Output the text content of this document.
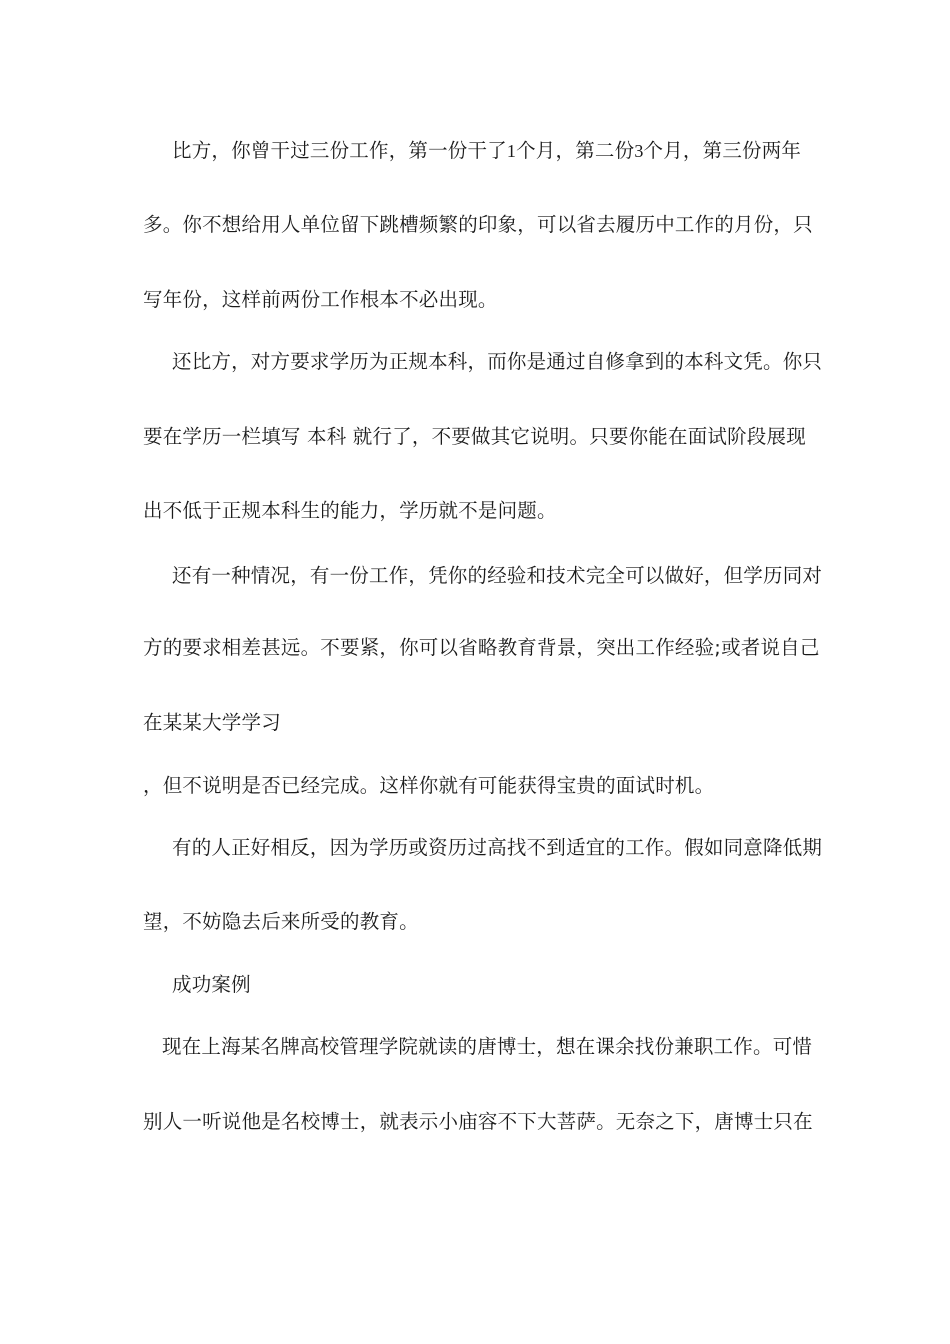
比方，你曾干过三份工作，第一份干了1个月，第二份3个月，第三份两年
多。你不想给用人单位留下跳槽频繁的印象，可以省去履历中工作的月份，只
写年份，这样前两份工作根本不必出现。
还比方，对方要求学历为正规本科，而你是通过自修拿到的本科文凭。你只
要在学历一栏填写 本科 就行了，不要做其它说明。只要你能在面试阶段展现
出不低于正规本科生的能力，学历就不是问题。
还有一种情况，有一份工作，凭你的经验和技术完全可以做好，但学历同对
方的要求相差甚远。不要紧，你可以省略教育背景，突出工作经验;或者说自己
在某某大学学习
，但不说明是否已经完成。这样你就有可能获得宝贵的面试时机。
有的人正好相反，因为学历或资历过高找不到适宜的工作。假如同意降低期
望，不妨隐去后来所受的教育。
成功案例
现在上海某名牌高校管理学院就读的唐博士，想在课余找份兼职工作。可惜
别人一听说他是名校博士，就表示小庙容不下大菩萨。无奈之下，唐博士只在
